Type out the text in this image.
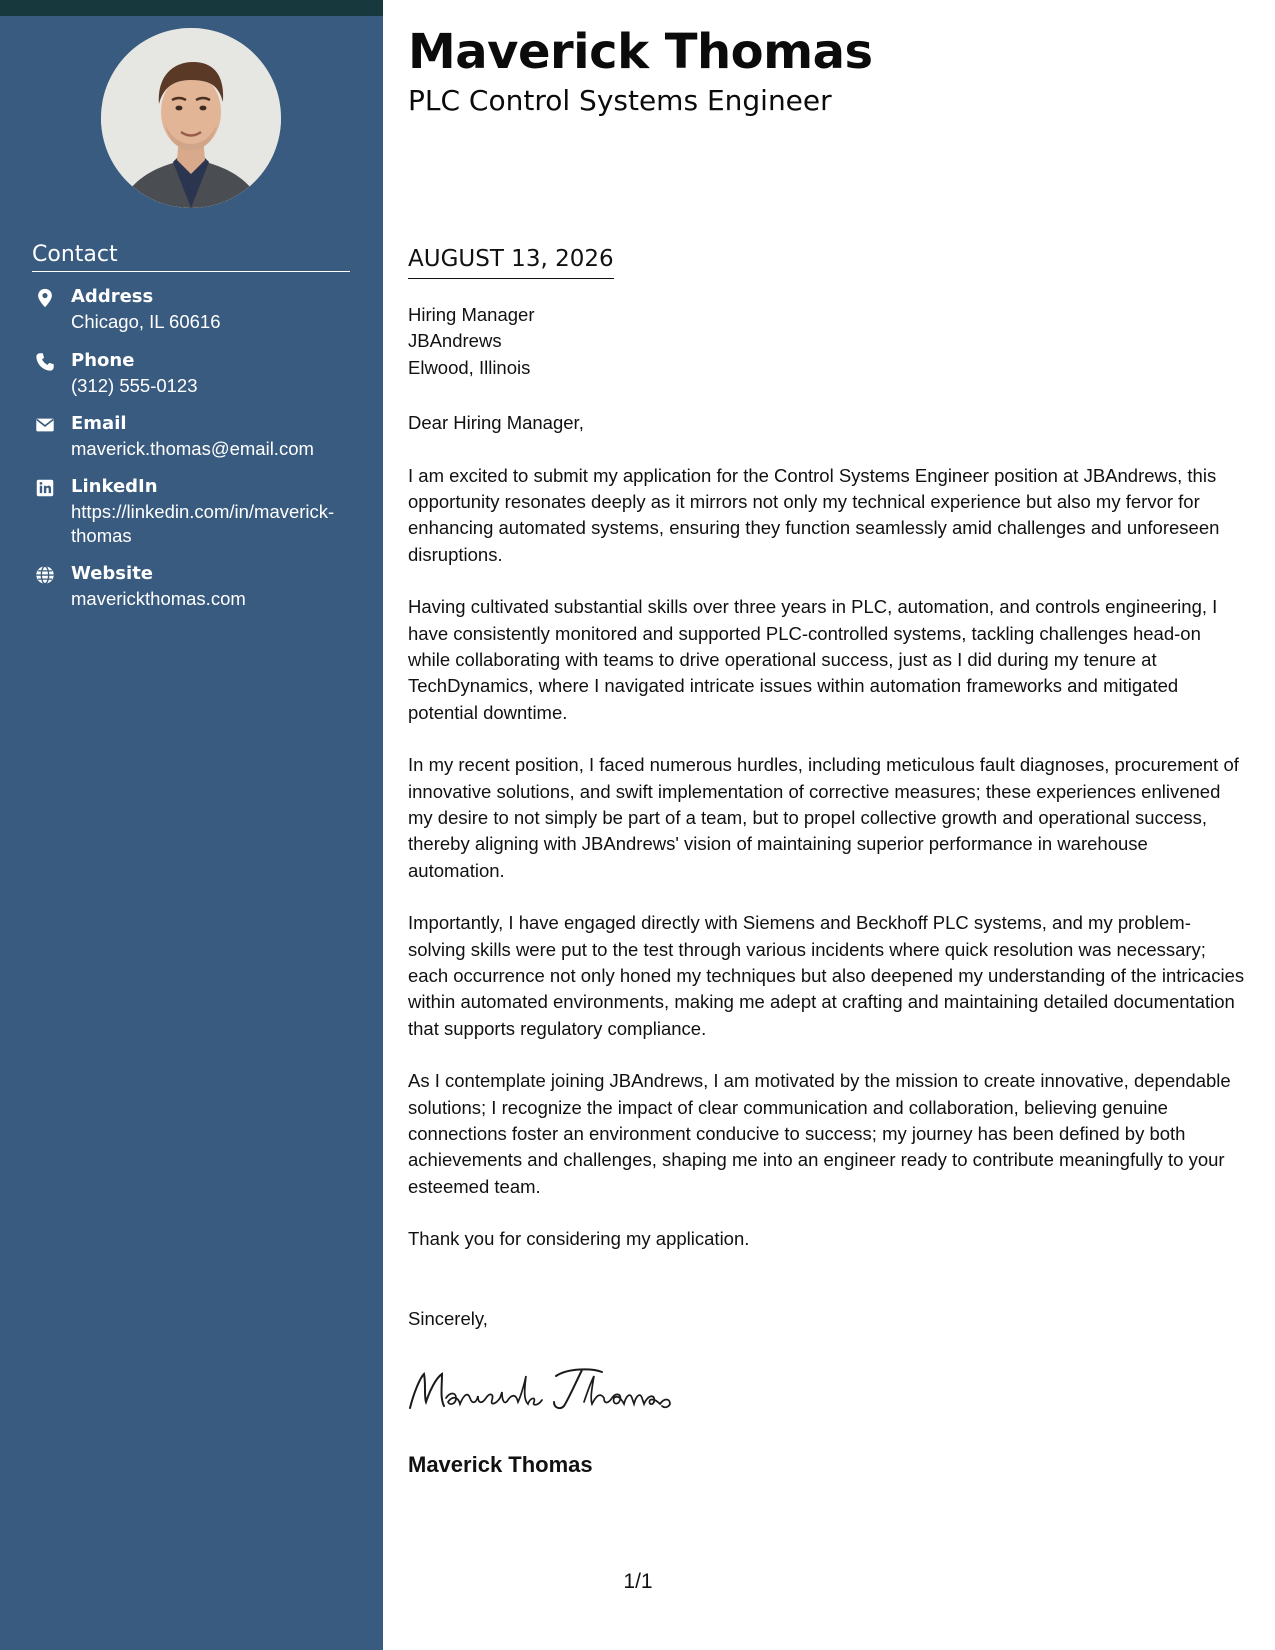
Contact
Address
Chicago, IL 60616
Phone
(312) 555-0123
Email
maverick.thomas@email.com
LinkedIn
https://linkedin.com/in/maverick-thomas
Website
maverickthomas.com
Maverick Thomas
PLC Control Systems Engineer
AUGUST 13, 2026
Hiring Manager
JBAndrews
Elwood, Illinois

Dear Hiring Manager,

I am excited to submit my application for the Control Systems Engineer position at JBAndrews, this opportunity resonates deeply as it mirrors not only my technical experience but also my fervor for enhancing automated systems, ensuring they function seamlessly amid challenges and unforeseen disruptions.

Having cultivated substantial skills over three years in PLC, automation, and controls engineering, I have consistently monitored and supported PLC-controlled systems, tackling challenges head-on while collaborating with teams to drive operational success, just as I did during my tenure at TechDynamics, where I navigated intricate issues within automation frameworks and mitigated potential downtime.

In my recent position, I faced numerous hurdles, including meticulous fault diagnoses, procurement of innovative solutions, and swift implementation of corrective measures; these experiences enlivened my desire to not simply be part of a team, but to propel collective growth and operational success, thereby aligning with JBAndrews' vision of maintaining superior performance in warehouse automation.

Importantly, I have engaged directly with Siemens and Beckhoff PLC systems, and my problem-solving skills were put to the test through various incidents where quick resolution was necessary; each occurrence not only honed my techniques but also deepened my understanding of the intricacies within automated environments, making me adept at crafting and maintaining detailed documentation that supports regulatory compliance.

As I contemplate joining JBAndrews, I am motivated by the mission to create innovative, dependable solutions; I recognize the impact of clear communication and collaboration, believing genuine connections foster an environment conducive to success; my journey has been defined by both achievements and challenges, shaping me into an engineer ready to contribute meaningfully to your esteemed team.

Thank you for considering my application.

Sincerely,
Maverick Thomas
1/1
